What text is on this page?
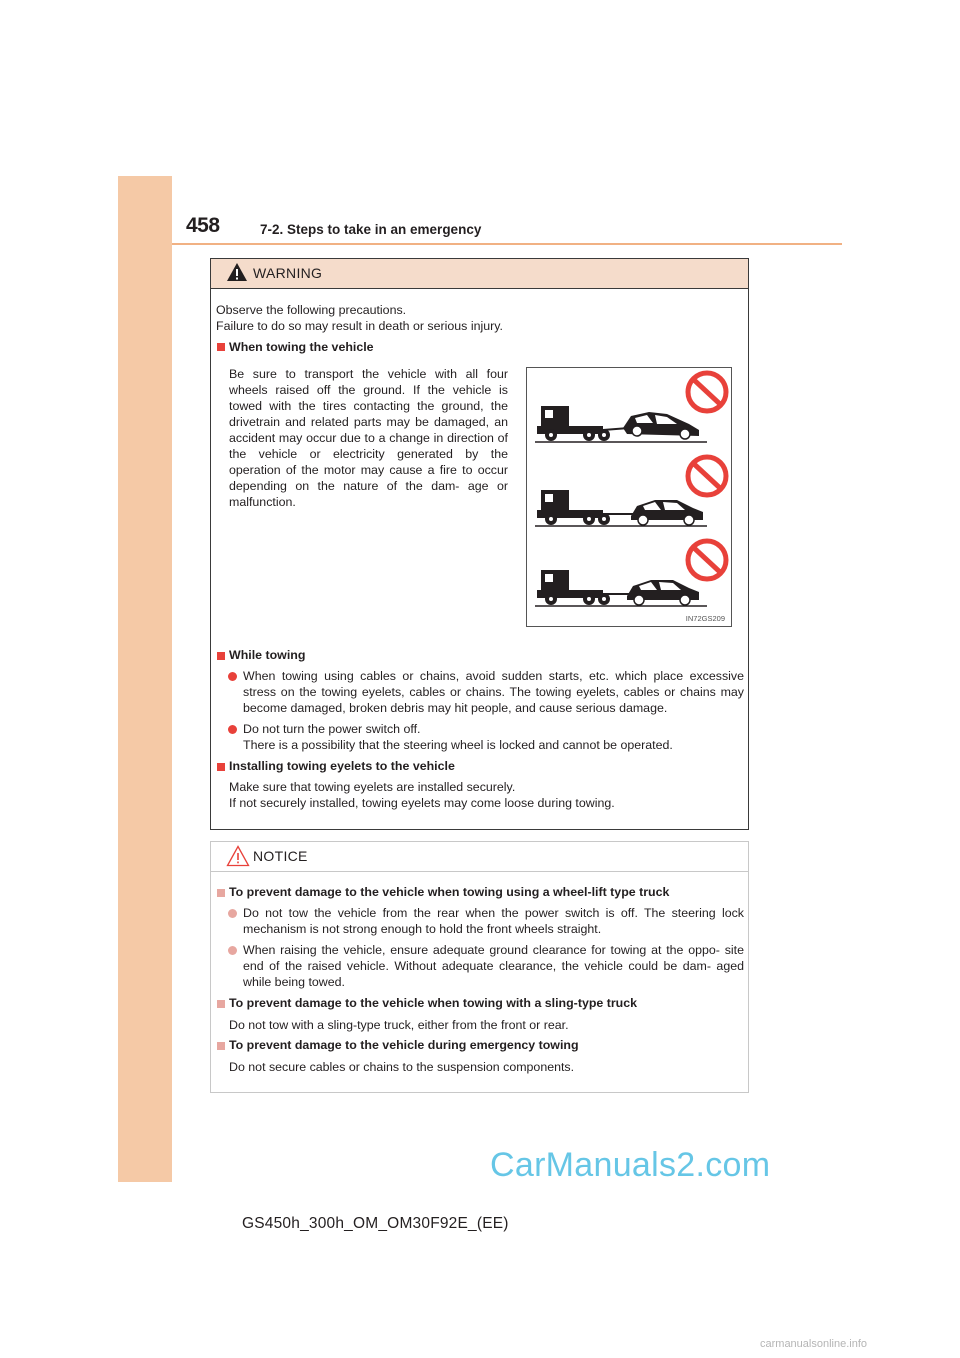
458	7-2. Steps to take in an emergency
WARNING
Observe the following precautions.
Failure to do so may result in death or serious injury.
When towing the vehicle
Be sure to transport the vehicle with all four wheels raised off the ground. If the vehicle is towed with the tires contacting the ground, the drivetrain and related parts may be damaged, an accident may occur due to a change in direction of the vehicle or electricity generated by the operation of the motor may cause a fire to occur depending on the nature of the dam- age or malfunction.
IN72GS209
While towing
When towing using cables or chains, avoid sudden starts, etc. which place excessive stress on the towing eyelets, cables or chains. The towing eyelets, cables or chains may become damaged, broken debris may hit people, and cause serious damage.
Do not turn the power switch off.
There is a possibility that the steering wheel is locked and cannot be operated.
Installing towing eyelets to the vehicle
Make sure that towing eyelets are installed securely.
If not securely installed, towing eyelets may come loose during towing.
NOTICE
To prevent damage to the vehicle when towing using a wheel-lift type truck
Do not tow the vehicle from the rear when the power switch is off. The steering lock mechanism is not strong enough to hold the front wheels straight.
When raising the vehicle, ensure adequate ground clearance for towing at the oppo- site end of the raised vehicle. Without adequate clearance, the vehicle could be dam- aged while being towed.
To prevent damage to the vehicle when towing with a sling-type truck
Do not tow with a sling-type truck, either from the front or rear.
To prevent damage to the vehicle during emergency towing
Do not secure cables or chains to the suspension components.
CarManuals2.com
GS450h_300h_OM_OM30F92E_(EE)
carmanualsonline.info
